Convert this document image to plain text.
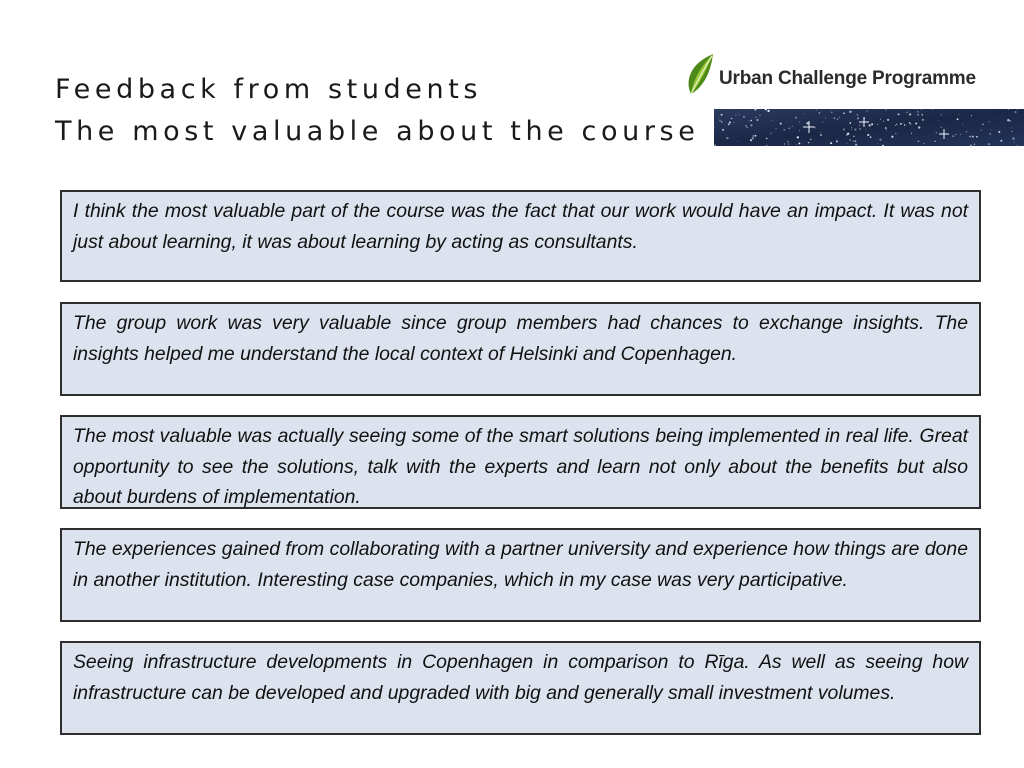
Feedback from students
The most valuable about the course
Urban Challenge Programme

I think the most valuable part of the course was the fact that our work would have an impact. It was not just about learning, it was about learning by acting as consultants.

The group work was very valuable since group members had chances to exchange insights. The insights helped me understand the local context of Helsinki and Copenhagen.

The most valuable was actually seeing some of the smart solutions being implemented in real life. Great opportunity to see the solutions, talk with the experts and learn not only about the benefits but also about burdens of implementation.

The experiences gained from collaborating with a partner university and experience how things are done in another institution. Interesting case companies, which in my case was very participative.

Seeing infrastructure developments in Copenhagen in comparison to Rīga. As well as seeing how infrastructure can be developed and upgraded with big and generally small investment volumes.
